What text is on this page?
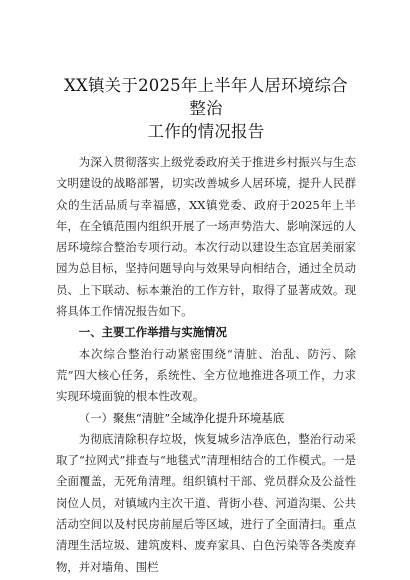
XX镇关于2025年上半年人居环境综合整治
工作的情况报告

为深入贯彻落实上级党委政府关于推进乡村振兴与生态文明建设的战略部署，切实改善城乡人居环境，提升人民群众的生活品质与幸福感，XX镇党委、政府于2025年上半年，在全镇范围内组织开展了一场声势浩大、影响深远的人居环境综合整治专项行动。本次行动以建设生态宜居美丽家园为总目标，坚持问题导向与效果导向相结合，通过全员动员、上下联动、标本兼治的工作方针，取得了显著成效。现将具体工作情况报告如下。

一、主要工作举措与实施情况

本次综合整治行动紧密围绕“清脏、治乱、防污、除荒”四大核心任务，系统性、全方位地推进各项工作，力求实现环境面貌的根本性改观。

（一）聚焦“清脏”全域净化提升环境基底

为彻底清除积存垃圾，恢复城乡洁净底色，整治行动采取了“拉网式”排查与“地毯式”清理相结合的工作模式。一是全面覆盖，无死角清理。组织镇村干部、党员群众及公益性岗位人员，对镇域内主次干道、背街小巷、河道沟渠、公共活动空间以及村民房前屋后等区域，进行了全面清扫。重点清理生活垃圾、建筑废料、废弃家具、白色污染等各类废弃物，并对墙角、围栏
